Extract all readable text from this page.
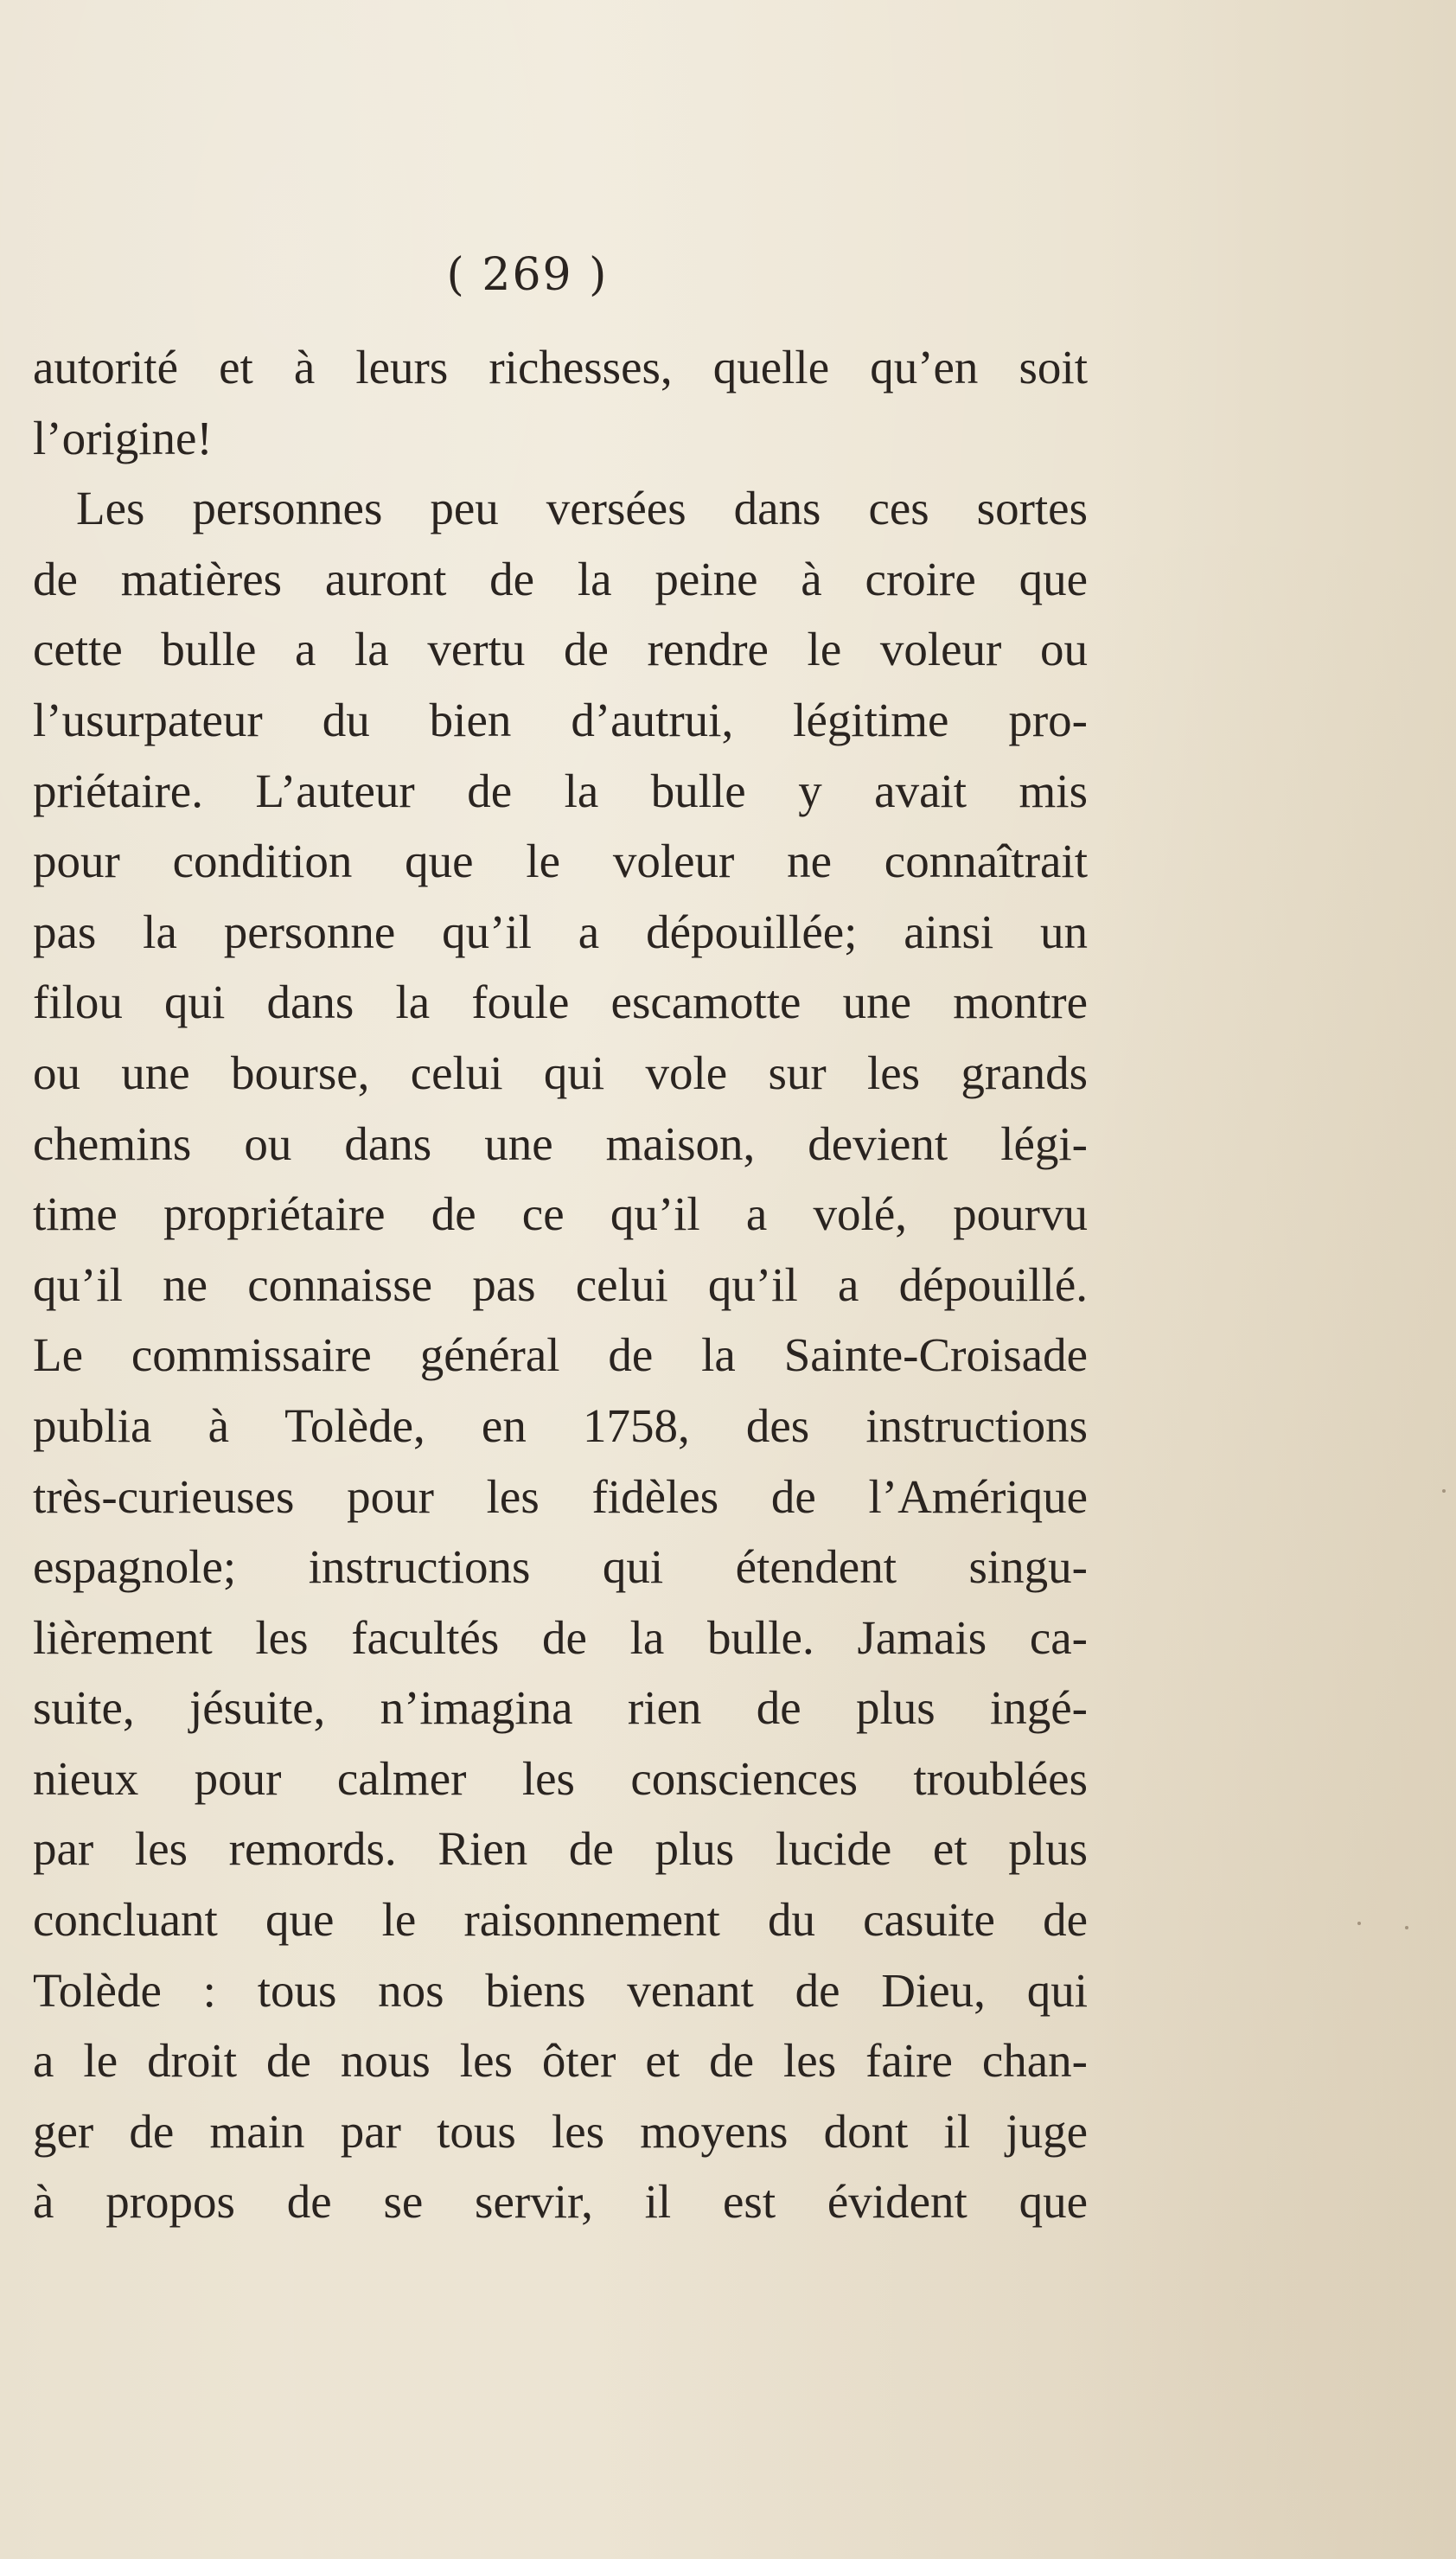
( 269 )
autorité et à leurs richesses, quelle qu’en soit
l’origine!
Les personnes peu versées dans ces sortes
de matières auront de la peine à croire que
cette bulle a la vertu de rendre le voleur ou
l’usurpateur du bien d’autrui, légitime pro-
priétaire. L’auteur de la bulle y avait mis
pour condition que le voleur ne connaîtrait
pas la personne qu’il a dépouillée; ainsi un
filou qui dans la foule escamotte une montre
ou une bourse, celui qui vole sur les grands
chemins ou dans une maison, devient légi-
time propriétaire de ce qu’il a volé, pourvu
qu’il ne connaisse pas celui qu’il a dépouillé.
Le commissaire général de la Sainte-Croisade
publia à Tolède, en 1758, des instructions
très-curieuses pour les fidèles de l’Amérique
espagnole; instructions qui étendent singu-
lièrement les facultés de la bulle. Jamais ca-
suite, jésuite, n’imagina rien de plus ingé-
nieux pour calmer les consciences troublées
par les remords. Rien de plus lucide et plus
concluant que le raisonnement du casuite de
Tolède : tous nos biens venant de Dieu, qui
a le droit de nous les ôter et de les faire chan-
ger de main par tous les moyens dont il juge
à propos de se servir, il est évident que
